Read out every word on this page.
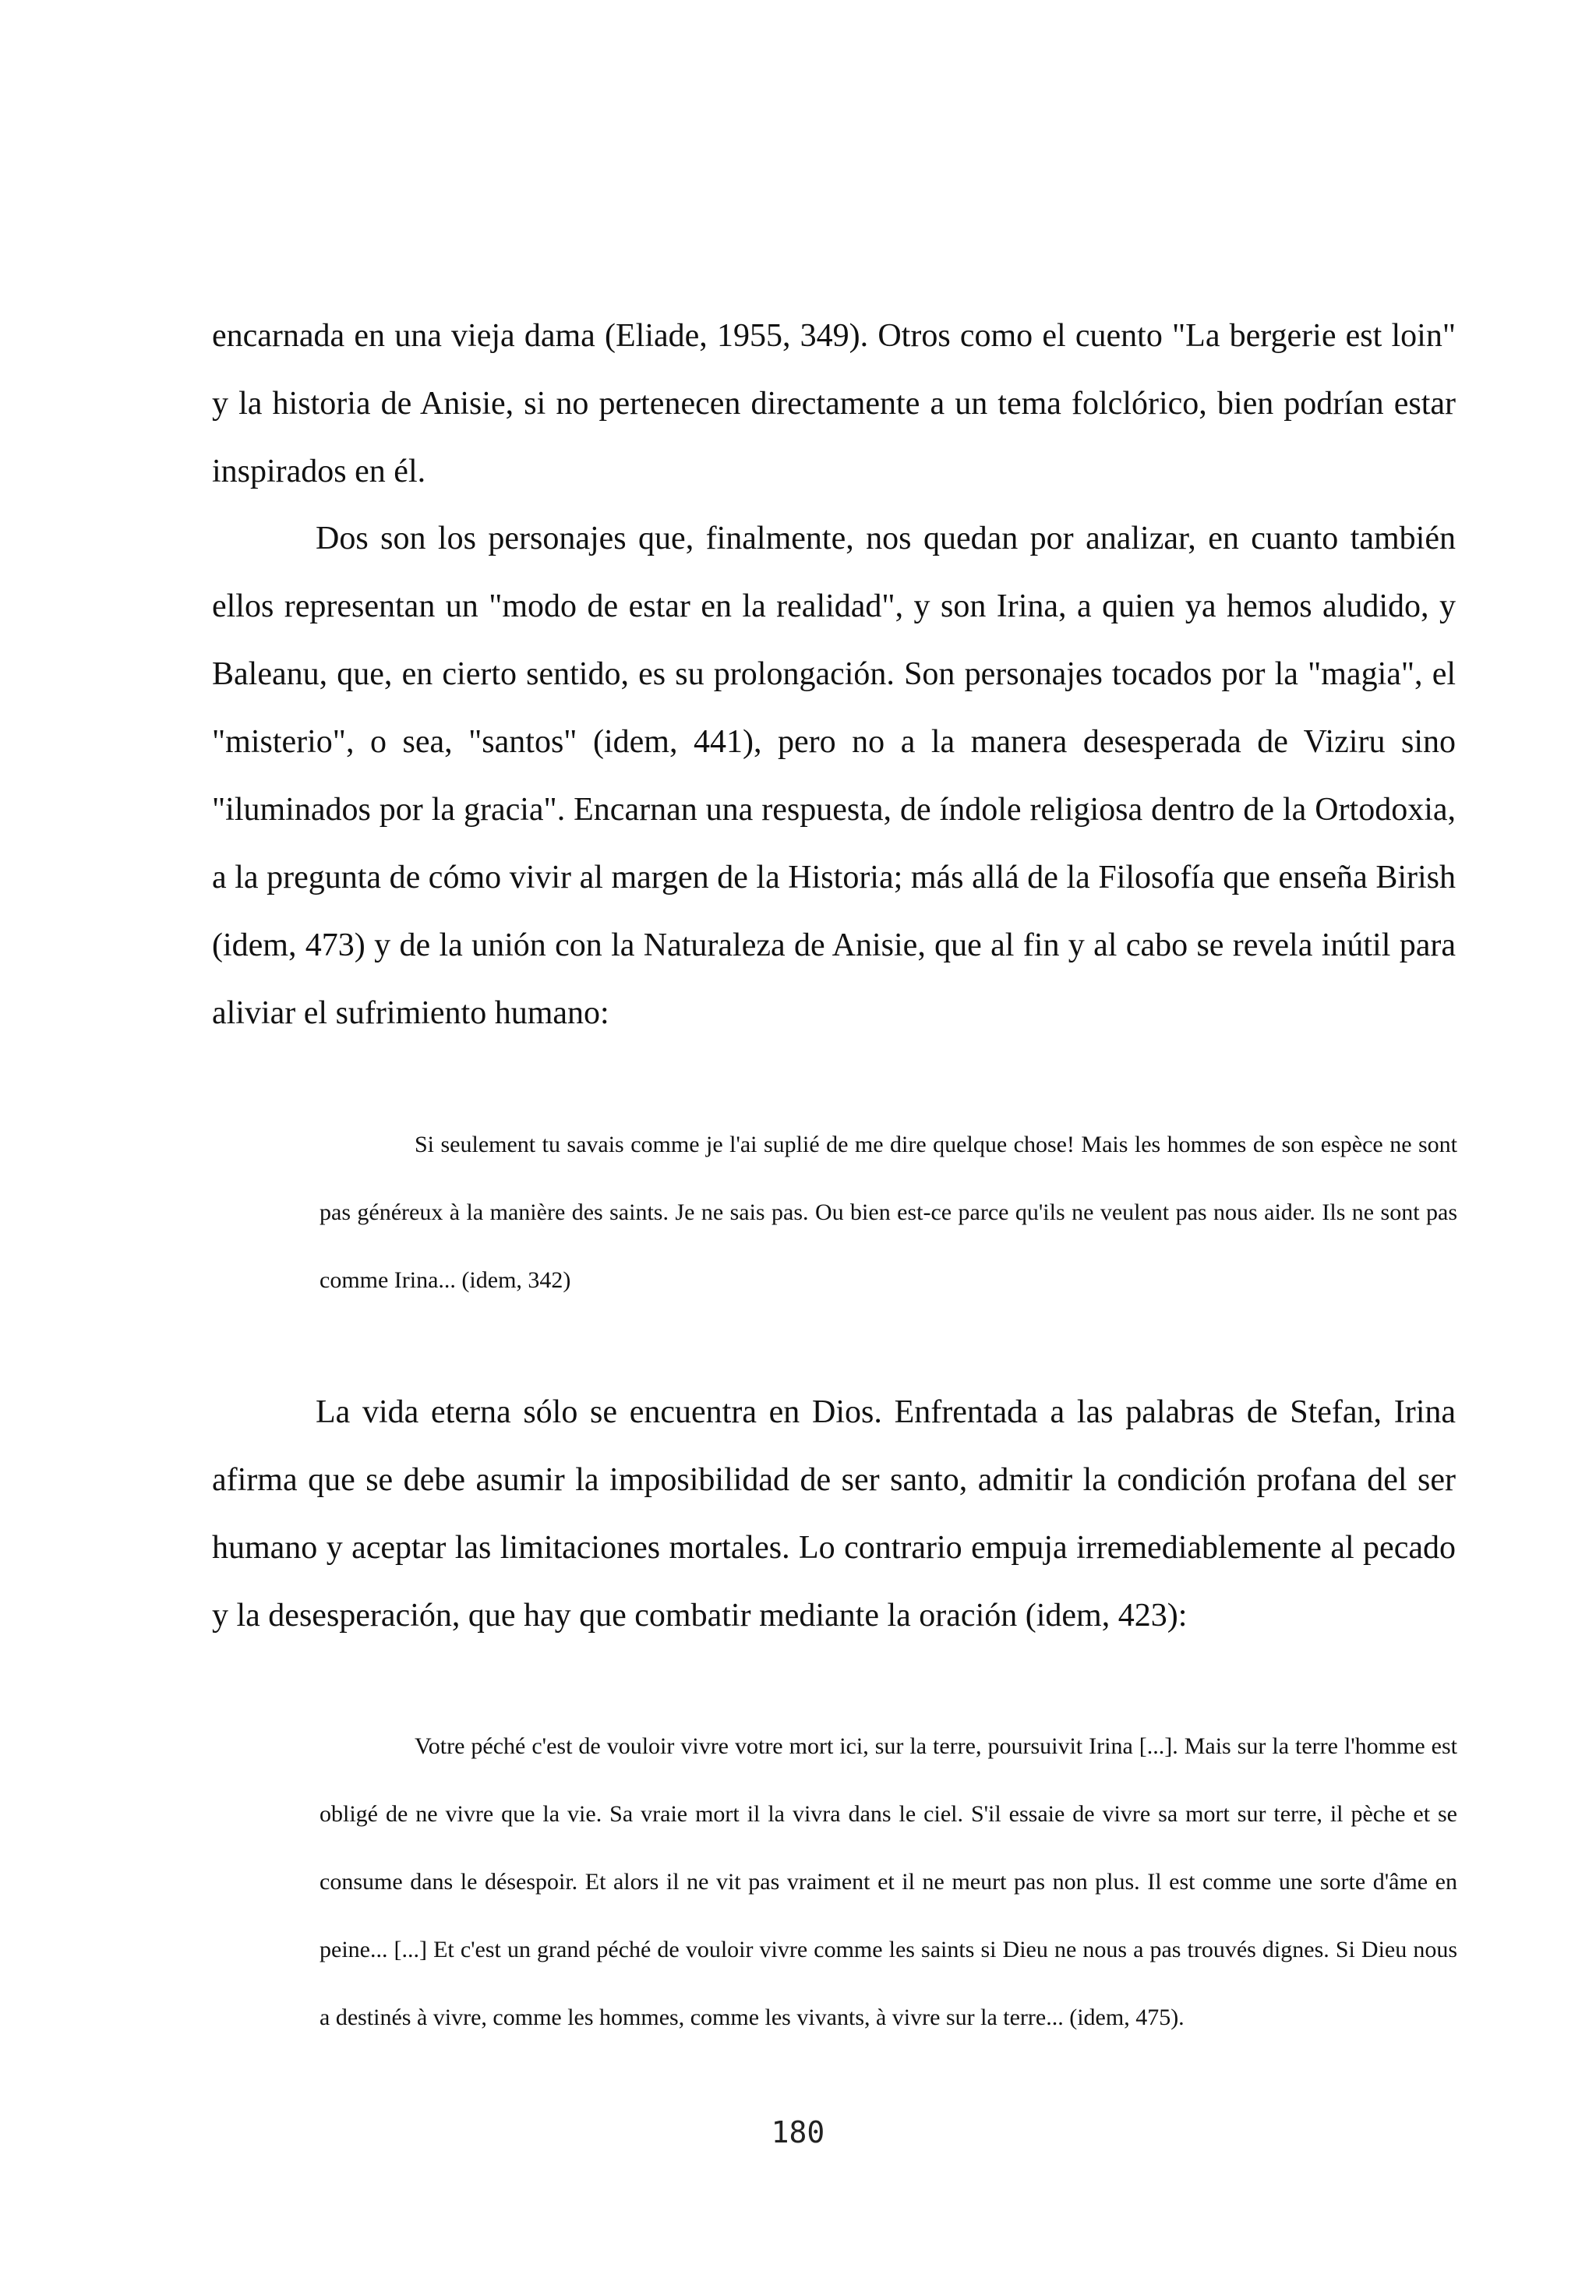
encarnada en una vieja dama (Eliade, 1955, 349). Otros como el cuento "La bergerie est loin" y la historia de Anisie, si no pertenecen directamente a un tema folclórico, bien podrían estar inspirados en él.

Dos son los personajes que, finalmente, nos quedan por analizar, en cuanto también ellos representan un "modo de estar en la realidad", y son Irina, a quien ya hemos aludido, y Baleanu, que, en cierto sentido, es su prolongación. Son personajes tocados por la "magia", el "misterio", o sea, "santos" (idem, 441), pero no a la manera desesperada de Viziru sino "iluminados por la gracia". Encarnan una respuesta, de índole religiosa dentro de la Ortodoxia, a la pregunta de cómo vivir al margen de la Historia; más allá de la Filosofía que enseña Birish (idem, 473) y de la unión con la Naturaleza de Anisie, que al fin y al cabo se revela inútil para aliviar el sufrimiento humano:

Si seulement tu savais comme je l'ai suplié de me dire quelque chose! Mais les hommes de son espèce ne sont pas généreux à la manière des saints. Je ne sais pas. Ou bien est-ce parce qu'ils ne veulent pas nous aider. Ils ne sont pas comme Irina... (idem, 342)

La vida eterna sólo se encuentra en Dios. Enfrentada a las palabras de Stefan, Irina afirma que se debe asumir la imposibilidad de ser santo, admitir la condición profana del ser humano y aceptar las limitaciones mortales. Lo contrario empuja irremediablemente al pecado y la desesperación, que hay que combatir mediante la oración (idem, 423):

Votre péché c'est de vouloir vivre votre mort ici, sur la terre, poursuivit Irina [...]. Mais sur la terre l'homme est obligé de ne vivre que la vie. Sa vraie mort il la vivra dans le ciel. S'il essaie de vivre sa mort sur terre, il pèche et se consume dans le désespoir. Et alors il ne vit pas vraiment et il ne meurt pas non plus. Il est comme une sorte d'âme en peine... [...] Et c'est un grand péché de vouloir vivre comme les saints si Dieu ne nous a pas trouvés dignes. Si Dieu nous a destinés à vivre, comme les hommes, comme les vivants, à vivre sur la terre... (idem, 475).

180
